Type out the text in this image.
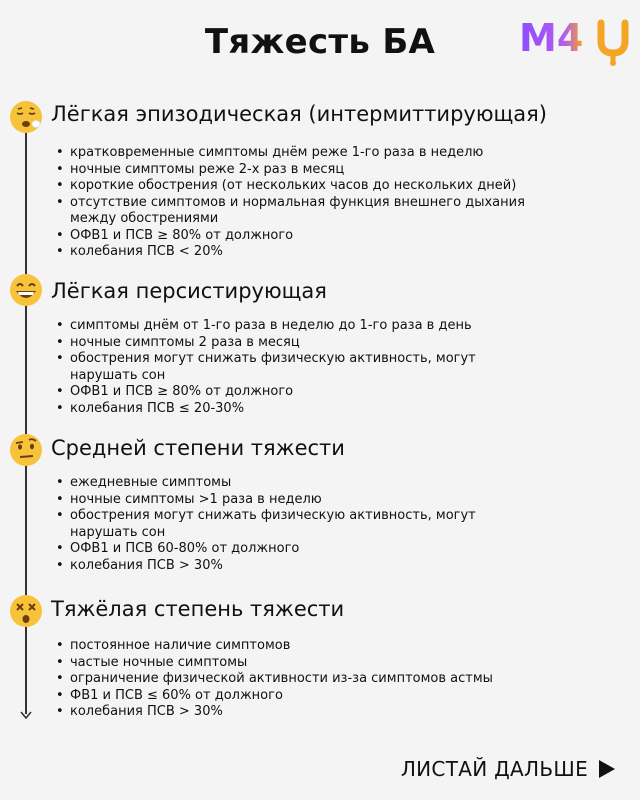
Тяжесть БА	M4
Лёгкая эпизодическая (интермиттирующая)
• кратковременные симптомы днём реже 1-го раза в неделю
• ночные симптомы реже 2-х раз в месяц
• короткие обострения (от нескольких часов до нескольких дней)
• отсутствие симптомов и нормальная функция внешнего дыхания между обострениями
• ОФВ1 и ПСВ ≥ 80% от должного
• колебания ПСВ < 20%
Лёгкая персистирующая
• симптомы днём от 1-го раза в неделю до 1-го раза в день
• ночные симптомы 2 раза в месяц
• обострения могут снижать физическую активность, могут нарушать сон
• ОФВ1 и ПСВ ≥ 80% от должного
• колебания ПСВ ≤ 20-30%
Средней степени тяжести
• ежедневные симптомы
• ночные симптомы >1 раза в неделю
• обострения могут снижать физическую активность, могут нарушать сон
• ОФВ1 и ПСВ 60-80% от должного
• колебания ПСВ > 30%
Тяжёлая степень тяжести
• постоянное наличие симптомов
• частые ночные симптомы
• ограничение физической активности из-за симптомов астмы
• ФВ1 и ПСВ ≤ 60% от должного
• колебания ПСВ > 30%
ЛИСТАЙ ДАЛЬШЕ
